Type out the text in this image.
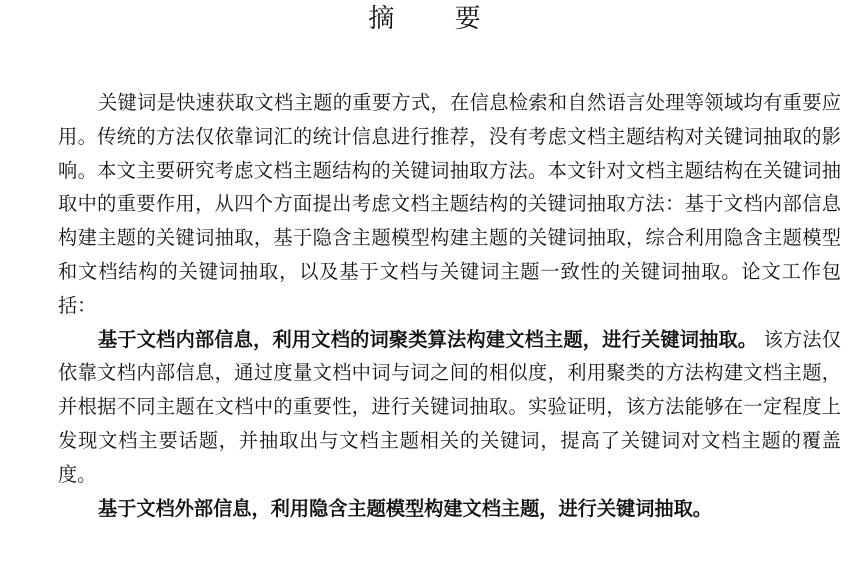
摘 要

关键词是快速获取文档主题的重要方式，在信息检索和自然语言处理等领域均有重要应用。传统的方法仅依靠词汇的统计信息进行推荐，没有考虑文档主题结构对关键词抽取的影响。本文主要研究考虑文档主题结构的关键词抽取方法。本文针对文档主题结构在关键词抽取中的重要作用，从四个方面提出考虑文档主题结构的关键词抽取方法：基于文档内部信息构建主题的关键词抽取，基于隐含主题模型构建主题的关键词抽取，综合利用隐含主题模型和文档结构的关键词抽取，以及基于文档与关键词主题一致性的关键词抽取。论文工作包括：

基于文档内部信息，利用文档的词聚类算法构建文档主题，进行关键词抽取。 该方法仅依靠文档内部信息，通过度量文档中词与词之间的相似度，利用聚类的方法构建文档主题，并根据不同主题在文档中的重要性，进行关键词抽取。实验证明，该方法能够在一定程度上发现文档主要话题，并抽取出与文档主题相关的关键词，提高了关键词对文档主题的覆盖度。

基于文档外部信息，利用隐含主题模型构建文档主题，进行关键词抽取。
